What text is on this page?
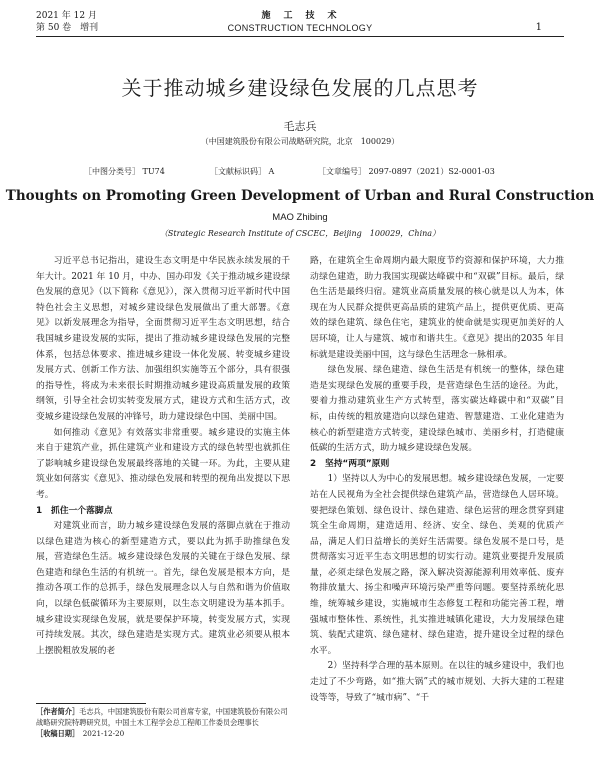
2021 年 12 月
第 50 卷　增刊
施　工　技　术
CONSTRUCTION TECHNOLOGY	1
关于推动城乡建设绿色发展的几点思考
毛志兵
（中国建筑股份有限公司战略研究院，北京　100029）
［中图分类号］ TU74	［文献标识码］ A	［文章编号］ 2097-0897（2021）S2-0001-03
Thoughts on Promoting Green Development of Urban and Rural Construction
MAO Zhibing
（Strategic Research Institute of CSCEC，Beijing　100029，China）

习近平总书记指出，建设生态文明是中华民族永续发展的千年大计。2021 年 10 月，中办、国办印发《关于推动城乡建设绿色发展的意见》（以下简称《意见》），深入贯彻习近平新时代中国特色社会主义思想，对城乡建设绿色发展做出了重大部署。《意见》以新发展理念为指导，全面贯彻习近平生态文明思想，结合我国城乡建设发展的实际，提出了推动城乡建设绿色发展的完整体系，包括总体要求、推进城乡建设一体化发展、转变城乡建设发展方式、创新工作方法、加强组织实施等五个部分，具有很强的指导性，将成为未来很长时期推动城乡建设高质量发展的政策纲领，引导全社会切实转变发展方式，建设方式和生活方式，改变城乡建设绿色发展的冲锋号，助力建设绿色中国、美丽中国。

如何推动《意见》有效落实非常重要。城乡建设的实施主体来自于建筑产业，抓住建筑产业和建设方式的绿色转型也就抓住了影响城乡建设绿色发展最终落地的关键一环。为此，主要从建筑业如何落实《意见》、推动绿色发展和转型的视角出发提以下思考。

1　抓住一个落脚点

对建筑业而言，助力城乡建设绿色发展的落脚点就在于推动以绿色建造为核心的新型建造方式，要以此为抓手助推绿色发展，营造绿色生活。城乡建设绿色发展的关键在于绿色发展、绿色建造和绿色生活的有机统一。首先，绿色发展是根本方向，是推动各项工作的总抓手，绿色发展理念以人与自然和谐为价值取向，以绿色低碳循环为主要原则，以生态文明建设为基本抓手。城乡建设实现绿色发展，就是要保护环境，转变发展方式，实现可持续发展。其次，绿色建造是实现方式。建筑业必须要从根本上摆脱粗放发展的老

路，在建筑全生命周期内最大限度节约资源和保护环境，大力推动绿色建造，助力我国实现碳达峰碳中和“双碳”目标。最后，绿色生活是最终归宿。建筑业高质量发展的核心就是以人为本，体现在为人民群众提供更高品质的建筑产品上，提供更优质、更高效的绿色建筑、绿色住宅，建筑业的使命就是实现更加美好的人居环境，让人与建筑、城市和谐共生。《意见》提出的2035 年目标就是建设美丽中国，这与绿色生活理念一脉相承。

绿色发展、绿色建造、绿色生活是有机统一的整体，绿色建造是实现绿色发展的重要手段，是营造绿色生活的途径。为此，要着力推动建筑业生产方式转型，落实碳达峰碳中和“双碳”目标，由传统的粗放建造向以绿色建造、智慧建造、工业化建造为核心的新型建造方式转变，建设绿色城市、美丽乡村，打造健康低碳的生活方式，助力城乡建设绿色发展。

2　坚持“两项”原则

1）坚持以人为中心的发展思想。城乡建设绿色发展，一定要站在人民视角为全社会提供绿色建筑产品，营造绿色人居环境。要把绿色策划、绿色设计、绿色建造、绿色运营的理念贯穿到建筑全生命周期，建造适用、经济、安全、绿色、美观的优质产品，满足人们日益增长的美好生活需要。绿色发展不是口号，是贯彻落实习近平生态文明思想的切实行动。建筑业要提升发展质量，必须走绿色发展之路，深入解决资源能源利用效率低、废弃物排放量大、扬尘和噪声环境污染严重等问题。要坚持系统化思维，统筹城乡建设，实施城市生态修复工程和功能完善工程，增强城市整体性、系统性，扎实推进城镇化建设，大力发展绿色建筑、装配式建筑、绿色建材、绿色建造，提升建设全过程的绿色水平。

2）坚持科学合理的基本原则。在以往的城乡建设中，我们也走过了不少弯路，如“推大锅”式的城市规划、大拆大建的工程建设等等，导致了“城市病”、“千

［作者简介］毛志兵，中国建筑股份有限公司首席专家，中国建筑股份有限公司战略研究院特聘研究员，中国土木工程学会总工程师工作委员会理事长
［收稿日期］　 2021-12-20
